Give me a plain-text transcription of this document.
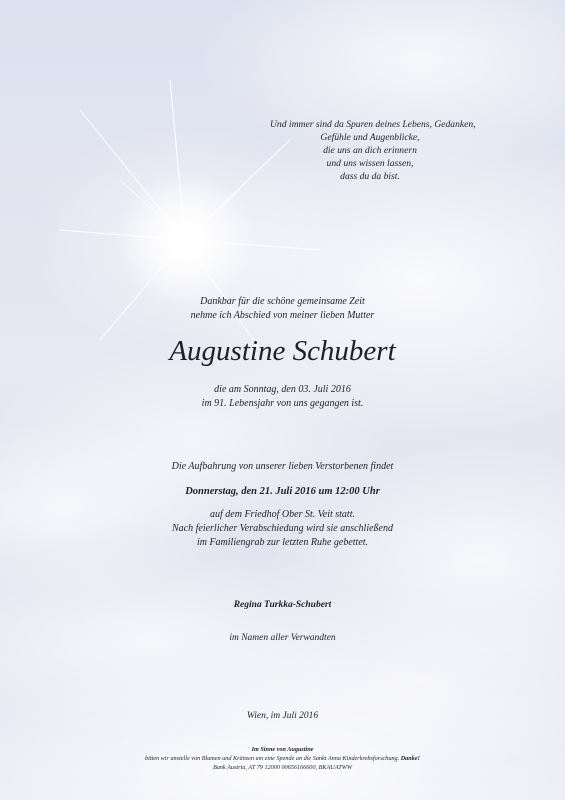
Und immer sind da Spuren deines Lebens, Gedanken,
Gefühle und Augenblicke,
die uns an dich erinnern
und uns wissen lassen,
dass du da bist.
Dankbar für die schöne gemeinsame Zeit
nehme ich Abschied von meiner lieben Mutter
Augustine Schubert
die am Sonntag, den 03. Juli 2016
im 91. Lebensjahr von uns gegangen ist.
Die Aufbahrung von unserer lieben Verstorbenen findet
Donnerstag, den 21. Juli 2016 um 12:00 Uhr
auf dem Friedhof Ober St. Veit statt.
Nach feierlicher Verabschiedung wird sie anschließend
im Familiengrab zur letzten Ruhe gebettet.
Regina Turkka-Schubert
im Namen aller Verwandten
Wien, im Juli 2016
Im Sinne von Augustine
bitten wir anstelle von Blumen und Kränzen um eine Spende an die Sankt Anna Kinderkrebsforschung. Danke!
Bank Austria, AT 79 12000 00656166600, BKAUATWW
